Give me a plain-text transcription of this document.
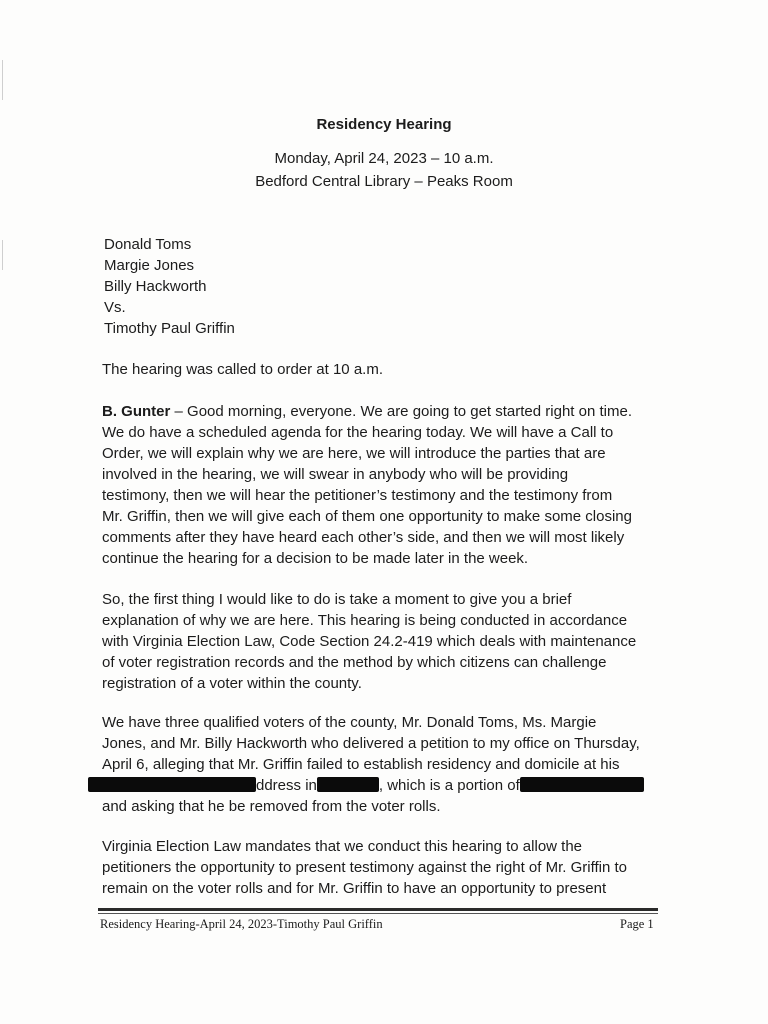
Residency Hearing
Monday, April 24, 2023 – 10 a.m.
Bedford Central Library – Peaks Room
Donald Toms
Margie Jones
Billy Hackworth
Vs.
Timothy Paul Griffin
The hearing was called to order at 10 a.m.
B. Gunter – Good morning, everyone. We are going to get started right on time.
We do have a scheduled agenda for the hearing today. We will have a Call to
Order, we will explain why we are here, we will introduce the parties that are
involved in the hearing, we will swear in anybody who will be providing
testimony, then we will hear the petitioner’s testimony and the testimony from
Mr. Griffin, then we will give each of them one opportunity to make some closing
comments after they have heard each other’s side, and then we will most likely
continue the hearing for a decision to be made later in the week.
So, the first thing I would like to do is take a moment to give you a brief
explanation of why we are here. This hearing is being conducted in accordance
with Virginia Election Law, Code Section 24.2-419 which deals with maintenance
of voter registration records and the method by which citizens can challenge
registration of a voter within the county.
We have three qualified voters of the county, Mr. Donald Toms, Ms. Margie
Jones, and Mr. Billy Hackworth who delivered a petition to my office on Thursday,
April 6, alleging that Mr. Griffin failed to establish residency and domicile at his
ddress in	, which is a portion of
and asking that he be removed from the voter rolls.
Virginia Election Law mandates that we conduct this hearing to allow the
petitioners the opportunity to present testimony against the right of Mr. Griffin to
remain on the voter rolls and for Mr. Griffin to have an opportunity to present
Residency Hearing-April 24, 2023-Timothy Paul Griffin	Page 1
